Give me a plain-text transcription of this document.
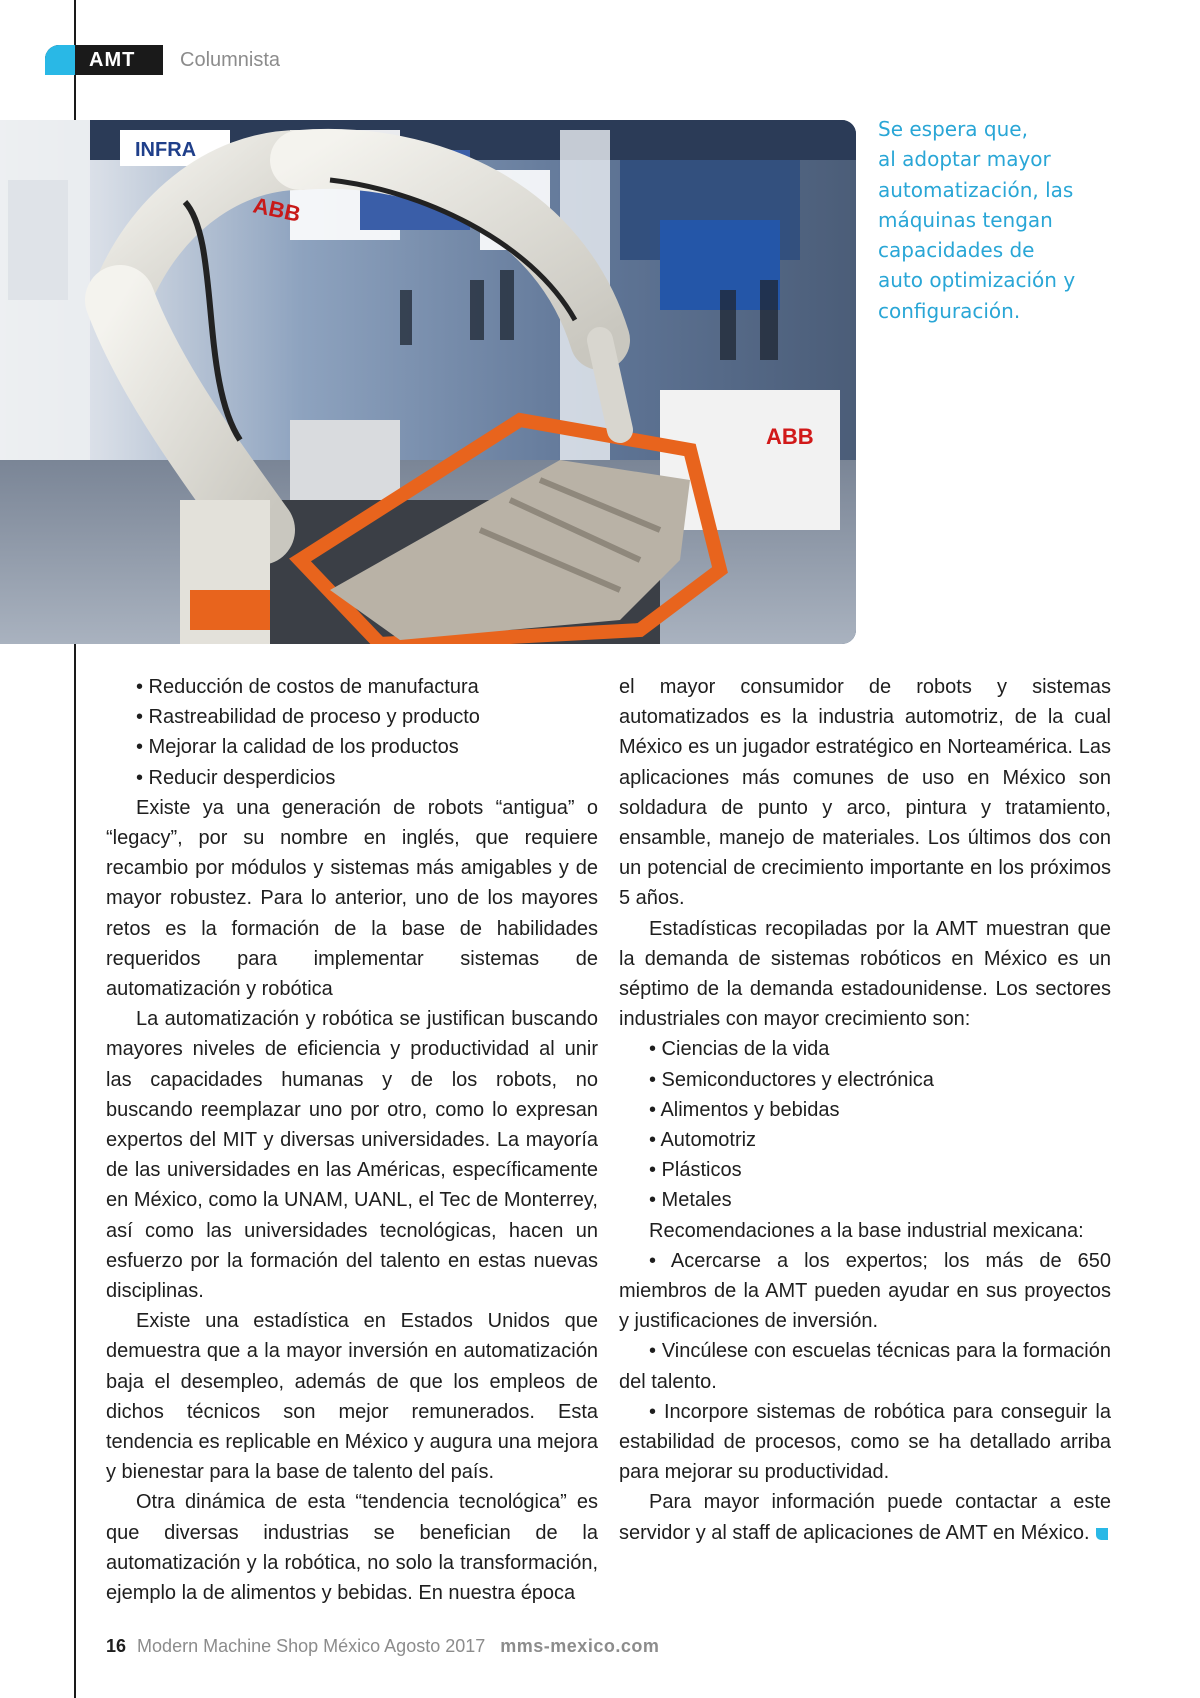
AMT Columnista
INFRA
INFRA
Principal
ABB
ABB
Se espera que,
al adoptar mayor
automatización, las
máquinas tengan
capacidades de
auto optimización y
configuración.

• Reducción de costos de manufactura

• Rastreabilidad de proceso y producto

• Mejorar la calidad de los productos

• Reducir desperdicios

Existe ya una generación de robots “antigua” o “legacy”, por su nombre en inglés, que requiere recambio por módulos y sistemas más amigables y de mayor robustez. Para lo anterior, uno de los mayores retos es la formación de la base de habilidades requeridos para implementar sistemas de automatización y robótica

La automatización y robótica se justifican buscando mayores niveles de eficiencia y productividad al unir las capacidades humanas y de los robots, no buscando reemplazar uno por otro, como lo expresan expertos del MIT y diversas universidades. La mayoría de las universidades en las Américas, específicamente en México, como la UNAM, UANL, el Tec de Monterrey, así como las universidades tecnológicas, hacen un esfuerzo por la formación del talento en estas nuevas disciplinas.

Existe una estadística en Estados Unidos que demuestra que a la mayor inversión en automatización baja el desempleo, además de que los empleos de dichos técnicos son mejor remunerados. Esta tendencia es replicable en México y augura una mejora y bienestar para la base de talento del país.

Otra dinámica de esta “tendencia tecnológica” es que diversas industrias se benefician de la automatización y la robótica, no solo la transformación, ejemplo la de alimentos y bebidas. En nuestra época

el mayor consumidor de robots y sistemas automatizados es la industria automotriz, de la cual México es un jugador estratégico en Norteamérica. Las aplicaciones más comunes de uso en México son soldadura de punto y arco, pintura y tratamiento, ensamble, manejo de materiales. Los últimos dos con un potencial de crecimiento importante en los próximos 5 años.

Estadísticas recopiladas por la AMT muestran que la demanda de sistemas robóticos en México es un séptimo de la demanda estadounidense. Los sectores industriales con mayor crecimiento son:

• Ciencias de la vida

• Semiconductores y electrónica

• Alimentos y bebidas

• Automotriz

• Plásticos

• Metales

Recomendaciones a la base industrial mexicana:

• Acercarse a los expertos; los más de 650 miembros de la AMT pueden ayudar en sus proyectos y justificaciones de inversión.

• Vincúlese con escuelas técnicas para la formación del talento.

• Incorpore sistemas de robótica para conseguir la estabilidad de procesos, como se ha detallado arriba para mejorar su productividad.

Para mayor información puede contactar a este servidor y al staff de aplicaciones de AMT en México.

16 Modern Machine Shop México Agosto 2017 mms-mexico.com
